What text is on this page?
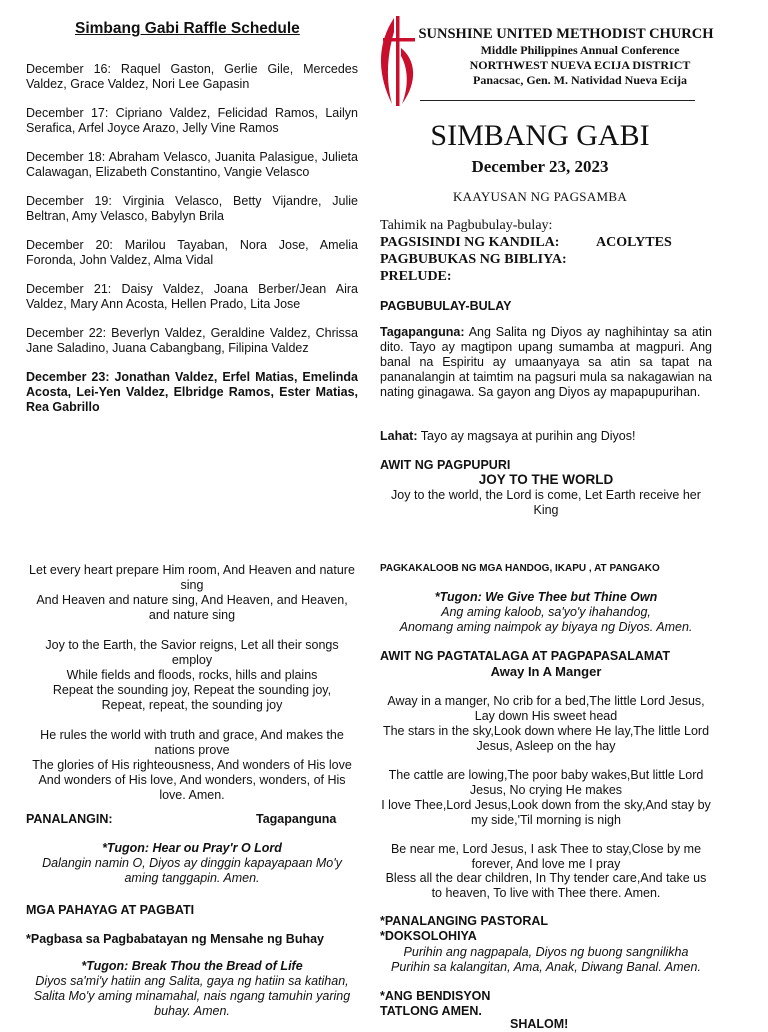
Simbang Gabi Raffle Schedule

December 16: Raquel Gaston, Gerlie Gile, Mercedes Valdez, Grace Valdez, Nori Lee Gapasin

December 17: Cipriano Valdez, Felicidad Ramos, Lailyn Serafica, Arfel Joyce Arazo, Jelly Vine Ramos

December 18: Abraham Velasco, Juanita Palasigue, Julieta Calawagan, Elizabeth Constantino, Vangie Velasco

December 19: Virginia Velasco, Betty Vijandre, Julie Beltran, Amy Velasco, Babylyn Brila

December 20: Marilou Tayaban, Nora Jose, Amelia Foronda, John Valdez, Alma Vidal

December 21: Daisy Valdez, Joana Berber/Jean Aira Valdez, Mary Ann Acosta, Hellen Prado, Lita Jose

December 22: Beverlyn Valdez, Geraldine Valdez, Chrissa Jane Saladino, Juana Cabangbang, Filipina Valdez

December 23: Jonathan Valdez, Erfel Matias, Emelinda Acosta, Lei-Yen Valdez, Elbridge Ramos, Ester Matias, Rea Gabrillo

Let every heart prepare Him room, And Heaven and nature sing

And Heaven and nature sing, And Heaven, and Heaven, and nature sing

Joy to the Earth, the Savior reigns, Let all their songs employ

While fields and floods, rocks, hills and plains

Repeat the sounding joy, Repeat the sounding joy,

Repeat, repeat, the sounding joy

He rules the world with truth and grace, And makes the nations prove

The glories of His righteousness, And wonders of His love

And wonders of His love, And wonders, wonders, of His love. Amen.

PANALANGIN:	Tagapanguna
*Tugon: Hear ou Pray'r O Lord
Dalangin namin O, Diyos ay dinggin kapayapaan Mo'y aming tanggapin. Amen.
MGA PAHAYAG AT PAGBATI
*Pagbasa sa Pagbabatayan ng Mensahe ng Buhay
*Tugon: Break Thou the Bread of Life
Diyos sa'mi'y hatiin ang Salita, gaya ng hatiin sa katihan, Salita Mo'y aming minamahal, nais ngang tamuhin yaring buhay. Amen.
SUNSHINE UNITED METHODIST CHURCH
Middle Philippines Annual Conference
NORTHWEST NUEVA ECIJA DISTRICT
Panacsac, Gen. M. Natividad Nueva Ecija
SIMBANG GABI
December 23, 2023
KAAYUSAN NG PAGSAMBA
Tahimik na Pagbubulay-bulay:
PAGSISINDI NG KANDILA:	ACOLYTES
PAGBUBUKAS NG BIBLIYA:
PRELUDE:
PAGBUBULAY-BULAY

Tagapanguna: Ang Salita ng Diyos ay naghihintay sa atin dito. Tayo ay magtipon upang sumamba at magpuri. Ang banal na Espiritu ay umaanyaya sa atin sa tapat na pananalangin at taimtim na pagsuri mula sa nakagawian na nating ginagawa. Sa gayon ang Diyos ay mapapupurihan.

Lahat: Tayo ay magsaya at purihin ang Diyos!

AWIT NG PAGPUPURI
JOY TO THE WORLD
Joy to the world, the Lord is come, Let Earth receive her King
PAGKAKALOOB NG MGA HANDOG, IKAPU , AT PANGAKO
*Tugon: We Give Thee but Thine Own
Ang aming kaloob, sa'yo'y ihahandog,
Anomang aming naimpok ay biyaya ng Diyos. Amen.
AWIT NG PAGTATALAGA AT PAGPAPASALAMAT
Away In A Manger
Away in a manger, No crib for a bed,The little Lord Jesus, Lay down His sweet head
The stars in the sky,Look down where He lay,The little Lord Jesus, Asleep on the hay
The cattle are lowing,The poor baby wakes,But little Lord Jesus, No crying He makes
I love Thee,Lord Jesus,Look down from the sky,And stay by my side,'Til morning is nigh
Be near me, Lord Jesus, I ask Thee to stay,Close by me forever, And love me I pray
Bless all the dear children, In Thy tender care,And take us to heaven, To live with Thee there. Amen.
*PANALANGING PASTORAL
*DOKSOLOHIYA
Purihin ang nagpapala, Diyos ng buong sangnilikha
Purihin sa kalangitan, Ama, Anak, Diwang Banal. Amen.
*ANG BENDISYON
TATLONG AMEN.
SHALOM!
